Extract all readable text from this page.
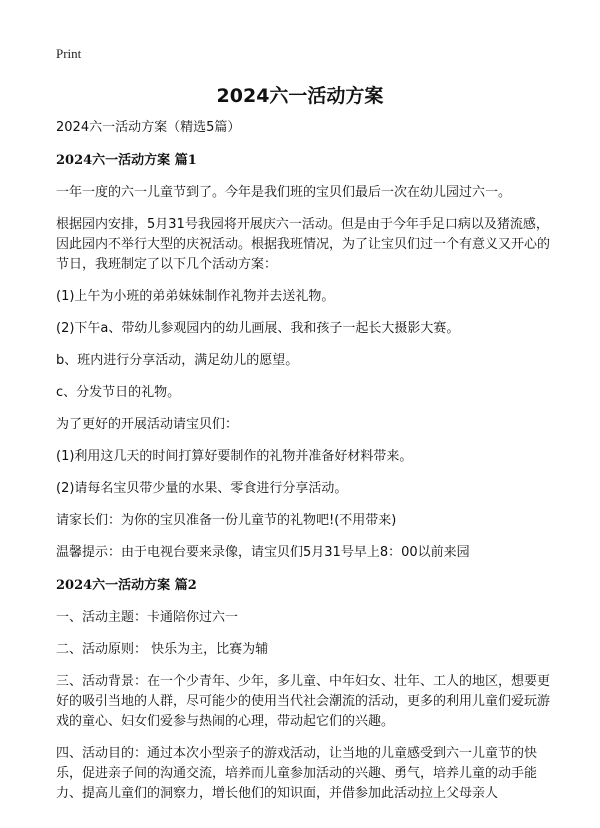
Print
2024六一活动方案

2024六一活动方案（精选5篇）

2024六一活动方案 篇1

一年一度的六一儿童节到了。今年是我们班的宝贝们最后一次在幼儿园过六一。

根据园内安排，5月31号我园将开展庆六一活动。但是由于今年手足口病以及猪流感，因此园内不举行大型的庆祝活动。根据我班情况，为了让宝贝们过一个有意义又开心的节日，我班制定了以下几个活动方案：

(1)上午为小班的弟弟妹妹制作礼物并去送礼物。

(2)下午a、带幼儿参观园内的幼儿画展、我和孩子一起长大摄影大赛。

b、班内进行分享活动，满足幼儿的愿望。

c、分发节日的礼物。

为了更好的开展活动请宝贝们：

(1)利用这几天的时间打算好要制作的礼物并准备好材料带来。

(2)请每名宝贝带少量的水果、零食进行分享活动。

请家长们：为你的宝贝准备一份儿童节的礼物吧!(不用带来)

温馨提示：由于电视台要来录像，请宝贝们5月31号早上8：00以前来园

2024六一活动方案 篇2

一、活动主题：卡通陪你过六一

二、活动原则： 快乐为主，比赛为辅

三、活动背景：在一个少青年、少年，多儿童、中年妇女、壮年、工人的地区，想要更好的吸引当地的人群，尽可能少的使用当代社会潮流的活动，更多的利用儿童们爱玩游戏的童心、妇女们爱参与热闹的心理，带动起它们的兴趣。

四、活动目的：通过本次小型亲子的游戏活动，让当地的儿童感受到六一儿童节的快乐，促进亲子间的沟通交流，培养而儿童参加活动的兴趣、勇气，培养儿童的动手能力、提高儿童们的洞察力，增长他们的知识面，并借参加此活动拉上父母亲人
